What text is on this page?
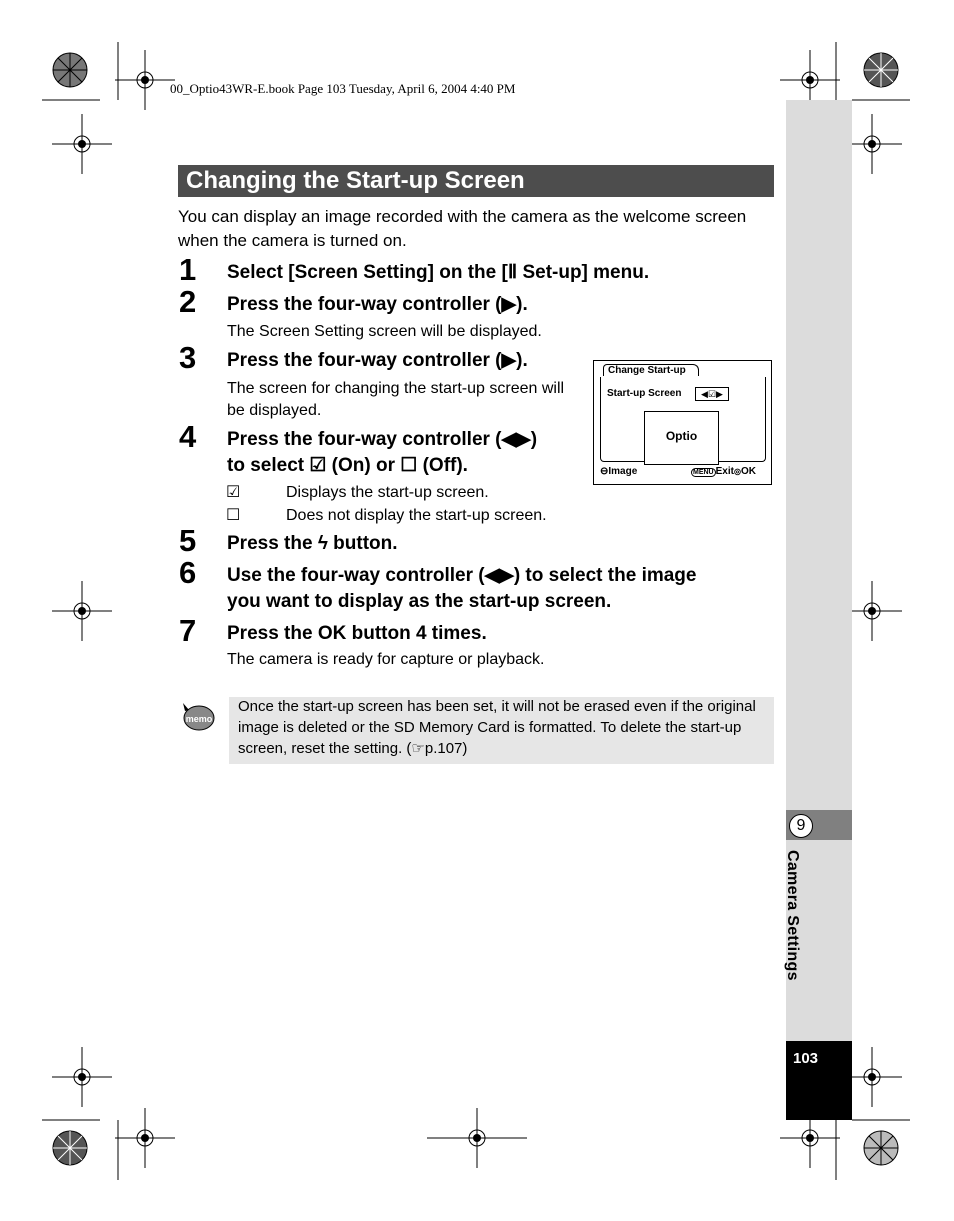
00_Optio43WR-E.book Page 103 Tuesday, April 6, 2004 4:40 PM
9
Camera Settings
103
Changing the Start-up Screen
You can display an image recorded with the camera as the welcome screen when the camera is turned on.
1 Select [Screen Setting] on the [Ⅱ Set-up] menu.
2 Press the four-way controller (▶).
The Screen Setting screen will be displayed.
3 Press the four-way controller (▶).
The screen for changing the start-up screen will be displayed.
Change Start-up
Start-up Screen	◀☑▶
Optio
⊖Image	MENU Exit◎OK
4 Press the four-way controller (◀▶)
to select ☑ (On) or ☐ (Off).
☑	Displays the start-up screen.
☐	Does not display the start-up screen.
5 Press the ϟ button.
6 Use the four-way controller (◀▶) to select the image
you want to display as the start-up screen.
7 Press the OK button 4 times.
The camera is ready for capture or playback.
memo
Once the start-up screen has been set, it will not be erased even if the original image is deleted or the SD Memory Card is formatted. To delete the start-up screen, reset the setting. (☞p.107)
